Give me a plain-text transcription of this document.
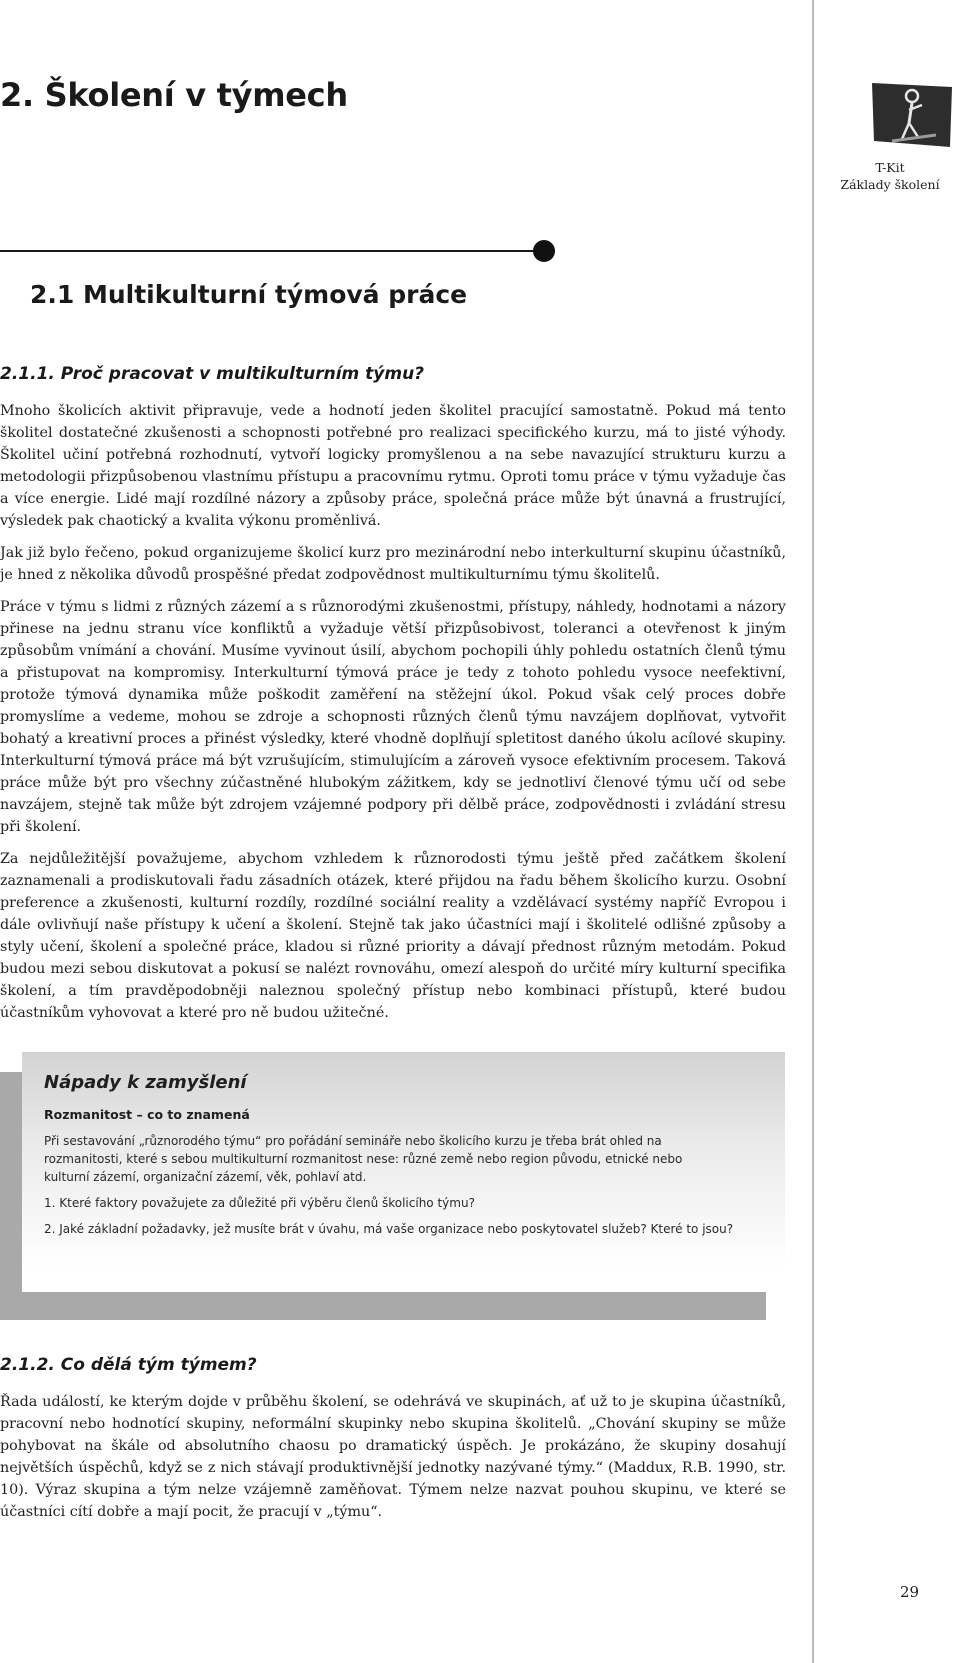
2. Školení v týmech
T-Kit
Základy školení
2.1 Multikulturní týmová práce
2.1.1. Proč pracovat v multikulturním týmu?

Mnoho školicích aktivit připravuje, vede a hodnotí jeden školitel pracující samostatně. Pokud má tento školitel dostatečné zkušenosti a schopnosti potřebné pro realizaci specifického kurzu, má to jisté výhody. Školitel učiní potřebná rozhodnutí, vytvoří logicky promyšlenou a na sebe navazující strukturu kurzu a metodologii přizpůsobenou vlastnímu přístupu a pracovnímu rytmu. Oproti tomu práce v týmu vyžaduje čas a více energie. Lidé mají rozdílné názory a způsoby práce, společná práce může být únavná a frustrující, výsledek pak chaotický a kvalita výkonu proměnlivá.

Jak již bylo řečeno, pokud organizujeme školicí kurz pro mezinárodní nebo interkulturní skupinu účastníků, je hned z několika důvodů prospěšné předat zodpovědnost multikulturnímu týmu školitelů.

Práce v týmu s lidmi z různých zázemí a s různorodými zkušenostmi, přístupy, náhledy, hodnotami a názory přinese na jednu stranu více konfliktů a vyžaduje větší přizpůsobivost, toleranci a otevřenost k jiným způsobům vnímání a chování. Musíme vyvinout úsilí, abychom pochopili úhly pohledu ostatních členů týmu a přistupovat na kompromisy. Interkulturní týmová práce je tedy z tohoto pohledu vysoce neefektivní, protože týmová dynamika může poškodit zaměření na stěžejní úkol. Pokud však celý proces dobře promyslíme a vedeme, mohou se zdroje a schopnosti různých členů týmu navzájem doplňovat, vytvořit bohatý a kreativní proces a přinést výsledky, které vhodně doplňují spletitost daného úkolu acílové skupiny. Interkulturní týmová práce má být vzrušujícím, stimulujícím a zároveň vysoce efektivním procesem. Taková práce může být pro všechny zúčastněné hlubokým zážitkem, kdy se jednotliví členové týmu učí od sebe navzájem, stejně tak může být zdrojem vzájemné podpory při dělbě práce, zodpovědnosti i zvládání stresu při školení.

Za nejdůležitější považujeme, abychom vzhledem k různorodosti týmu ještě před začátkem školení zaznamenali a prodiskutovali řadu zásadních otázek, které přijdou na řadu během školicího kurzu. Osobní preference a zkušenosti, kulturní rozdíly, rozdílné sociální reality a vzdělávací systémy napříč Evropou i dále ovlivňují naše přístupy k učení a školení. Stejně tak jako účastníci mají i školitelé odlišné způsoby a styly učení, školení a společné práce, kladou si různé priority a dávají přednost různým metodám. Pokud budou mezi sebou diskutovat a pokusí se nalézt rovnováhu, omezí alespoň do určité míry kulturní specifika školení, a tím pravděpodobněji naleznou společný přístup nebo kombinaci přístupů, které budou účastníkům vyhovovat a které pro ně budou užitečné.

Nápady k zamyšlení
Rozmanitost – co to znamená

Při sestavování „různorodého týmu“ pro pořádání semináře nebo školicího kurzu je třeba brát ohled na rozmanitosti, které s sebou multikulturní rozmanitost nese: různé země nebo region původu, etnické nebo kulturní zázemí, organizační zázemí, věk, pohlaví atd.

1. Které faktory považujete za důležité při výběru členů školicího týmu?
2. Jaké základní požadavky, jež musíte brát v úvahu, má vaše organizace nebo poskytovatel služeb? Které to jsou?
2.1.2. Co dělá tým týmem?

Řada událostí, ke kterým dojde v průběhu školení, se odehrává ve skupinách, ať už to je skupina účastníků, pracovní nebo hodnotící skupiny, neformální skupinky nebo skupina školitelů. „Chování skupiny se může pohybovat na škále od absolutního chaosu po dramatický úspěch. Je prokázáno, že skupiny dosahují největších úspěchů, když se z nich stávají produktivnější jednotky nazývané týmy.“ (Maddux, R.B. 1990, str. 10). Výraz skupina a tým nelze vzájemně zaměňovat. Týmem nelze nazvat pouhou skupinu, ve které se účastníci cítí dobře a mají pocit, že pracují v „týmu“.

29
